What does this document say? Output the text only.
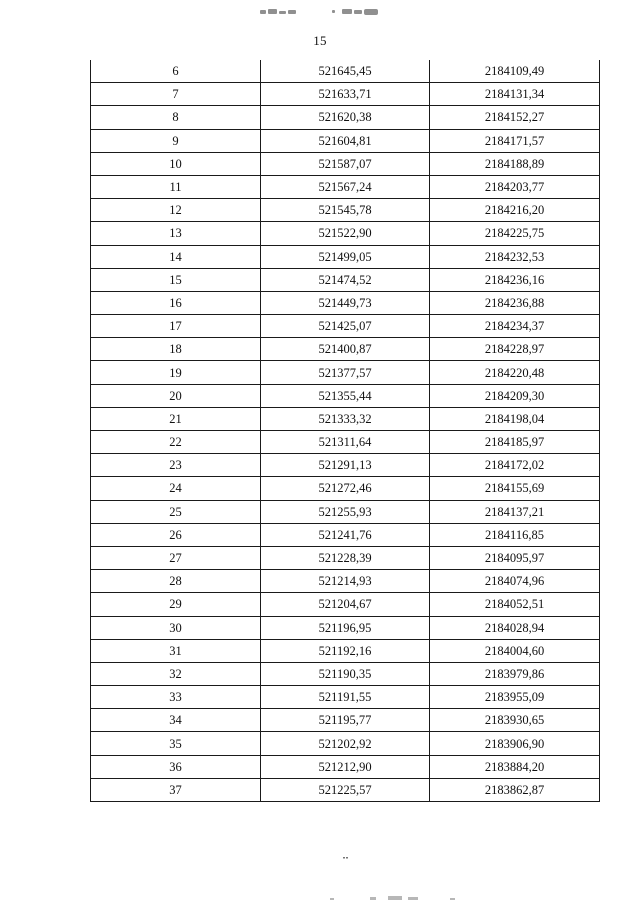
15
6	521645,45	2184109,49
7	521633,71	2184131,34
8	521620,38	2184152,27
9	521604,81	2184171,57
10	521587,07	2184188,89
11	521567,24	2184203,77
12	521545,78	2184216,20
13	521522,90	2184225,75
14	521499,05	2184232,53
15	521474,52	2184236,16
16	521449,73	2184236,88
17	521425,07	2184234,37
18	521400,87	2184228,97
19	521377,57	2184220,48
20	521355,44	2184209,30
21	521333,32	2184198,04
22	521311,64	2184185,97
23	521291,13	2184172,02
24	521272,46	2184155,69
25	521255,93	2184137,21
26	521241,76	2184116,85
27	521228,39	2184095,97
28	521214,93	2184074,96
29	521204,67	2184052,51
30	521196,95	2184028,94
31	521192,16	2184004,60
32	521190,35	2183979,86
33	521191,55	2183955,09
34	521195,77	2183930,65
35	521202,92	2183906,90
36	521212,90	2183884,20
37	521225,57	2183862,87
